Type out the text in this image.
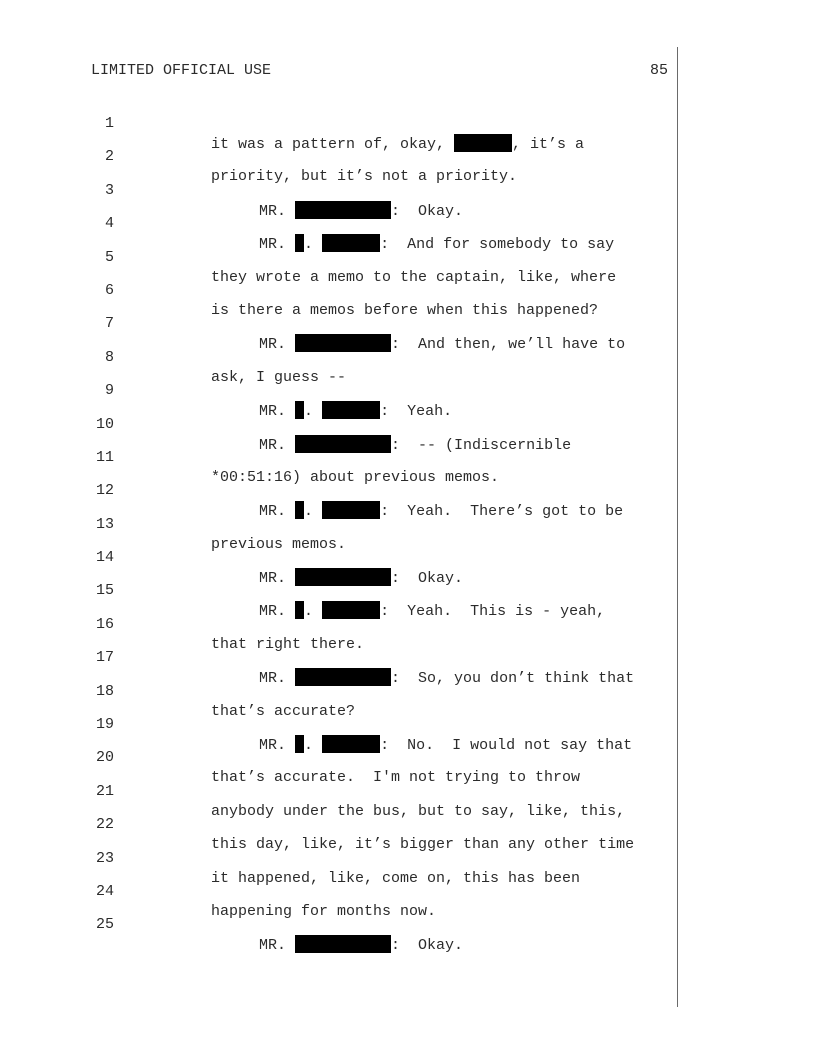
LIMITED OFFICIAL USE	85

1

it was a pattern of, okay,	, it’s a

2

priority, but it’s not a priority.

3

MR.	:  Okay.

4

MR. .	:  And for somebody to say

5

they wrote a memo to the captain, like, where

6

is there a memos before when this happened?

7

MR.	:  And then, we’ll have to

8

ask, I guess --

9

MR. .	:  Yeah.

10

MR.	:  -- (Indiscernible

11

*00:51:16) about previous memos.

12

MR. .	:  Yeah.  There’s got to be

13

previous memos.

14

MR.	:  Okay.

15

MR. .	:  Yeah.  This is - yeah,

16

that right there.

17

MR.	:  So, you don’t think that

18

that’s accurate?

19

MR. .	:  No.  I would not say that

20

that’s accurate.  I'm not trying to throw

21

anybody under the bus, but to say, like, this,

22

this day, like, it’s bigger than any other time

23

it happened, like, come on, this has been

24

happening for months now.

25

MR.	:  Okay.
